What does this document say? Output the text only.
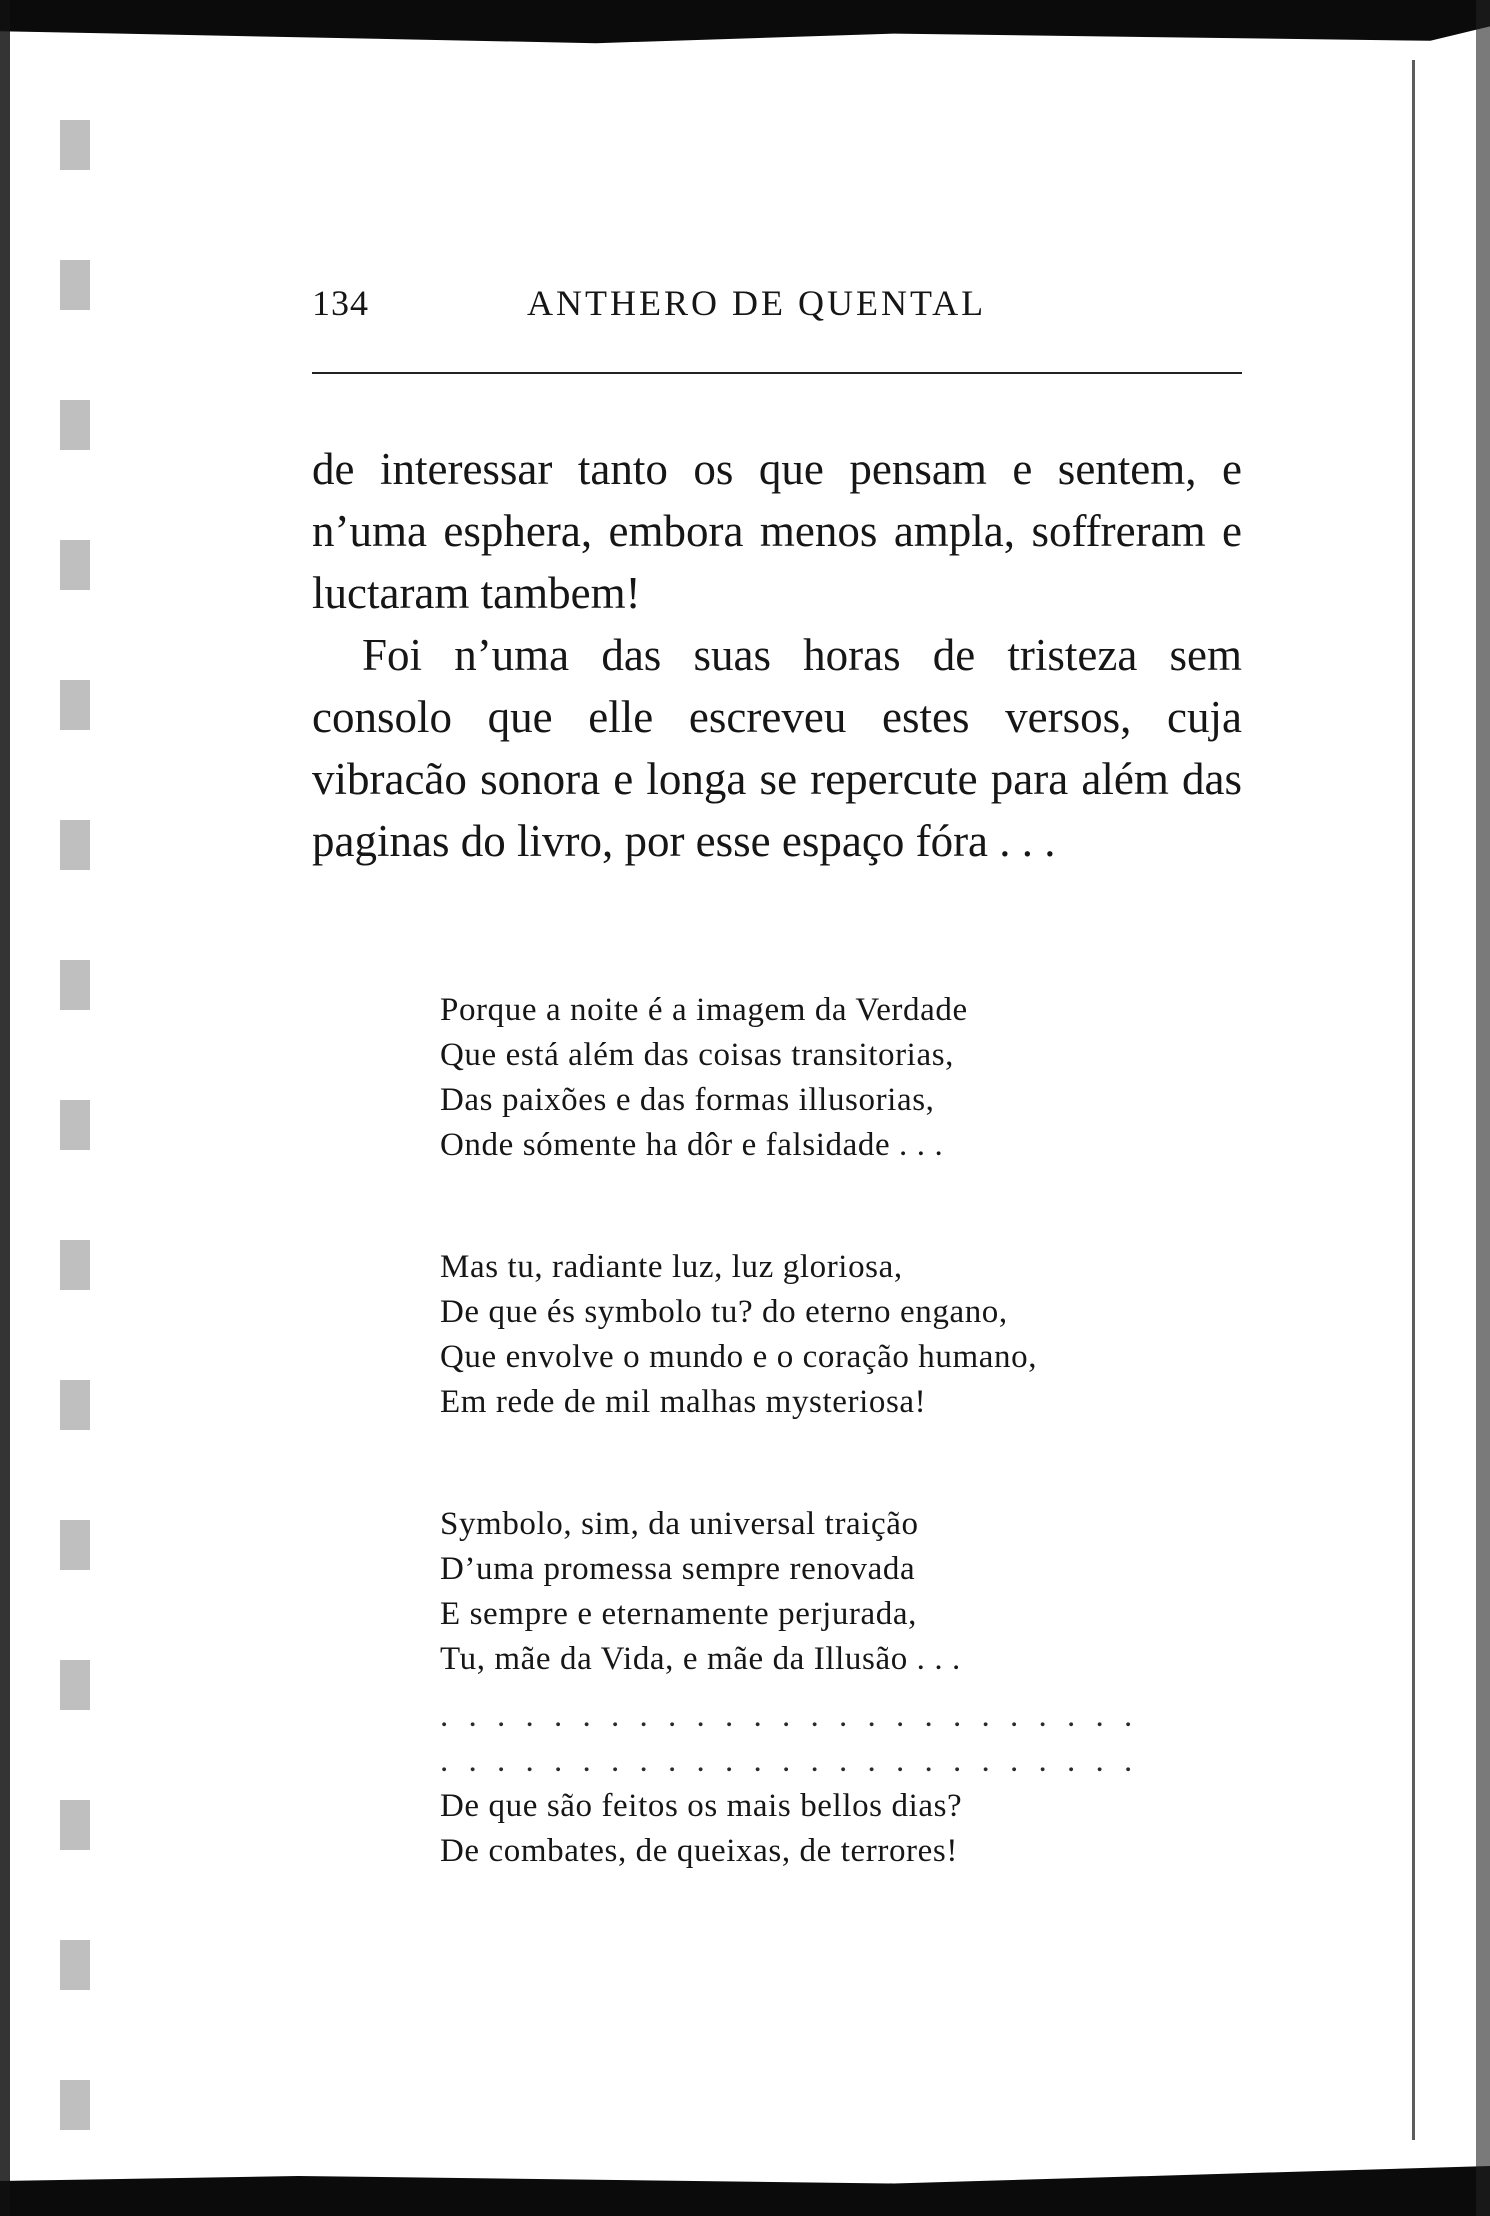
134	ANTHERO DE QUENTAL

de interessar tanto os que pensam e sentem, e n’uma esphera, embora menos ampla, soffreram e luctaram tambem!

Foi n’uma das suas horas de tristeza sem consolo que elle escreveu estes versos, cuja vibracão sonora e longa se repercute para além das paginas do livro, por esse espaço fóra . . .

Porque a noite é a imagem da Verdade
Que está além das coisas transitorias,
Das paixões e das formas illusorias,
Onde sómente ha dôr e falsidade . . .
Mas tu, radiante luz, luz gloriosa,
De que és symbolo tu? do eterno engano,
Que envolve o mundo e o coração humano,
Em rede de mil malhas mysteriosa!
Symbolo, sim, da universal traição
D’uma promessa sempre renovada
E sempre e eternamente perjurada,
Tu, mãe da Vida, e mãe da Illusão . . .
. . . . . . . . . . . . . . . . . . . . . . . . .
. . . . . . . . . . . . . . . . . . . . . . . . .
De que são feitos os mais bellos dias?
De combates, de queixas, de terrores!
